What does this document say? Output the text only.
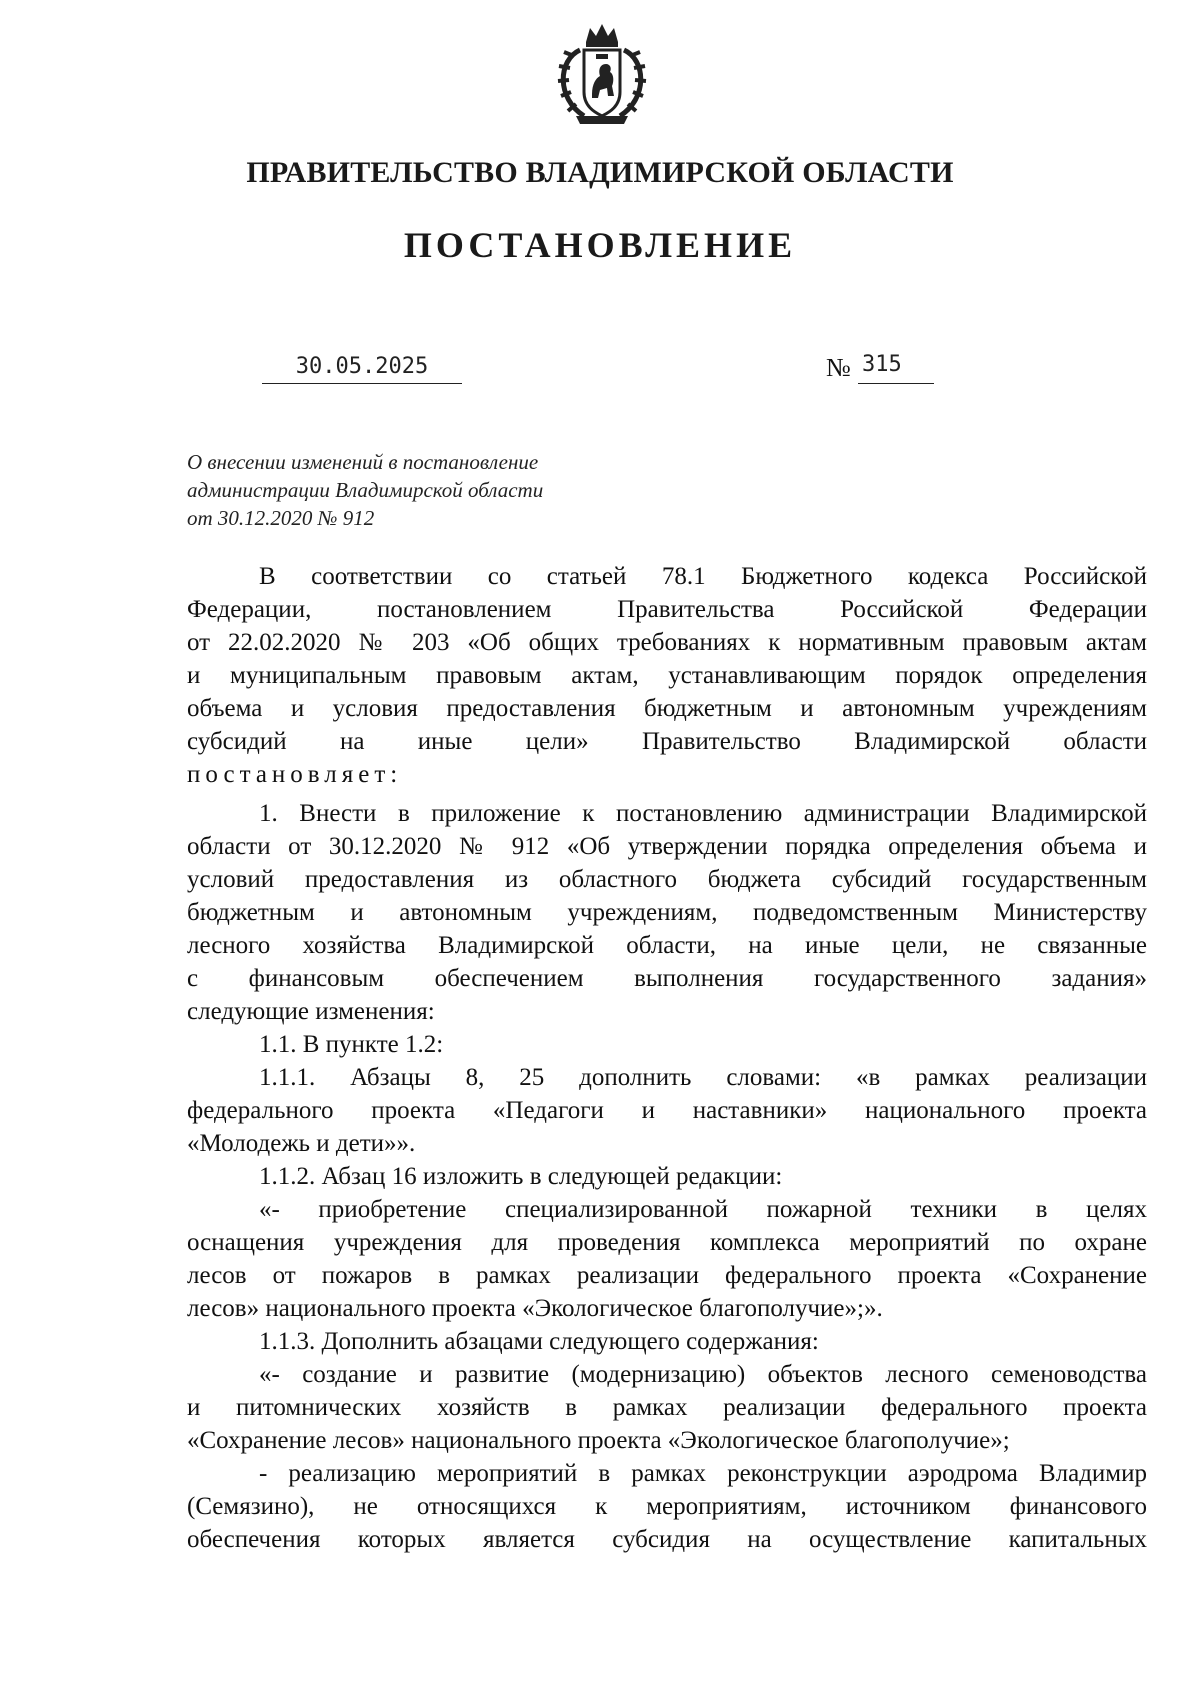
ПРАВИТЕЛЬСТВО ВЛАДИМИРСКОЙ ОБЛАСТИ
ПОСТАНОВЛЕНИЕ
30.05.2025	№ 315
О внесении изменений в постановление
администрации Владимирской области
от 30.12.2020 № 912

В соответствии со статьей 78.1 Бюджетного кодекса Российской

Федерации, постановлением Правительства Российской Федерации

от 22.02.2020 № 203 «Об общих требованиях к нормативным правовым актам

и муниципальным правовым актам, устанавливающим порядок определения

объема и условия предоставления бюджетным и автономным учреждениям

субсидий на иные цели» Правительство Владимирской области

постановляет:

1. Внести в приложение к постановлению администрации Владимирской

области от 30.12.2020 № 912 «Об утверждении порядка определения объема и

условий предоставления из областного бюджета субсидий государственным

бюджетным и автономным учреждениям, подведомственным Министерству

лесного хозяйства Владимирской области, на иные цели, не связанные

с финансовым обеспечением выполнения государственного задания»

следующие изменения:

1.1. В пункте 1.2:

1.1.1. Абзацы 8, 25 дополнить словами: «в рамках реализации

федерального проекта «Педагоги и наставники» национального проекта

«Молодежь и дети»».

1.1.2. Абзац 16 изложить в следующей редакции:

«- приобретение специализированной пожарной техники в целях

оснащения учреждения для проведения комплекса мероприятий по охране

лесов от пожаров в рамках реализации федерального проекта «Сохранение

лесов» национального проекта «Экологическое благополучие»;».

1.1.3. Дополнить абзацами следующего содержания:

«- создание и развитие (модернизацию) объектов лесного семеноводства

и питомнических хозяйств в рамках реализации федерального проекта

«Сохранение лесов» национального проекта «Экологическое благополучие»;

- реализацию мероприятий в рамках реконструкции аэродрома Владимир

(Семязино), не относящихся к мероприятиям, источником финансового

обеспечения которых является субсидия на осуществление капитальных
